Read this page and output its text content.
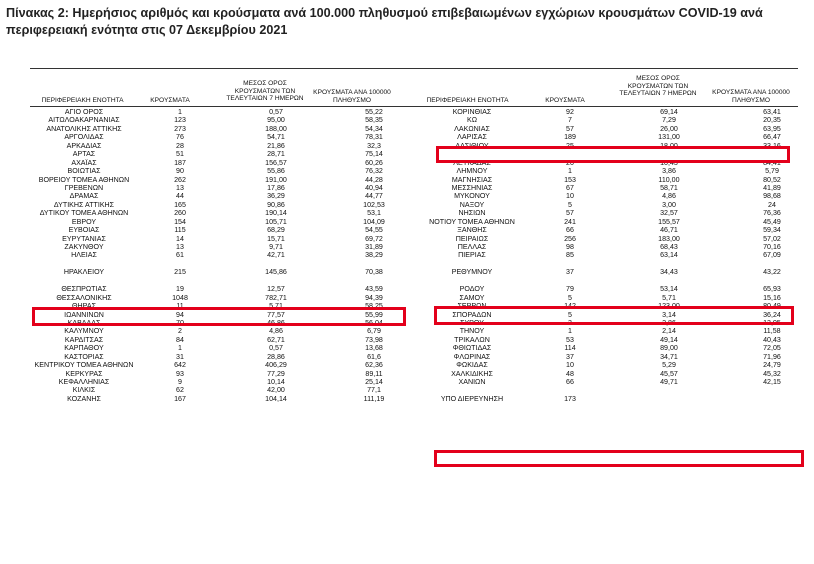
Πίνακας 2: Ημερήσιος αριθμός και κρούσματα ανά 100.000 πληθυσμού επιβεβαιωμένων εγχώριων κρουσμάτων COVID-19 ανά περιφερειακή ενότητα στις 07 Δεκεμβρίου 2021
ΠΕΡΙΦΕΡΕΙΑΚΗ ΕΝΟΤΗΤΑ	ΚΡΟΥΣΜΑΤΑ
ΜΕΣΟΣ ΟΡΟΣ ΚΡΟΥΣΜΑΤΩΝ ΤΩΝ ΤΕΛΕΥΤΑΙΩΝ 7 ΗΜΕΡΩΝ
ΚΡΟΥΣΜΑΤΑ ΑΝΑ 100000 ΠΛΗΘΥΣΜΟ	ΠΕΡΙΦΕΡΕΙΑΚΗ ΕΝΟΤΗΤΑ	ΚΡΟΥΣΜΑΤΑ
ΜΕΣΟΣ ΟΡΟΣ ΚΡΟΥΣΜΑΤΩΝ ΤΩΝ ΤΕΛΕΥΤΑΙΩΝ 7 ΗΜΕΡΩΝ	ΚΡΟΥΣΜΑΤΑ ΑΝΑ 100000 ΠΛΗΘΥΣΜΟ
ΑΓΙΟ ΟΡΟΣ	1	0,57	55,22
ΑΙΤΩΛΟΑΚΑΡΝΑΝΙΑΣ	123	95,00	58,35
ΑΝΑΤΟΛΙΚΗΣ ΑΤΤΙΚΗΣ	273	188,00	54,34
ΑΡΓΟΛΙΔΑΣ	76	54,71	78,31
ΑΡΚΑΔΙΑΣ	28	21,86	32,3
ΑΡΤΑΣ	51	28,71	75,14
ΑΧΑΪΑΣ	187	156,57	60,26
ΒΟΙΩΤΙΑΣ	90	55,86	76,32
ΒΟΡΕΙΟΥ ΤΟΜΕΑ ΑΘΗΝΩΝ	262	191,00	44,28
ΓΡΕΒΕΝΩΝ	13	17,86	40,94
ΔΡΑΜΑΣ	44	36,29	44,77
ΔΥΤΙΚΗΣ ΑΤΤΙΚΗΣ	165	90,86	102,53
ΔΥΤΙΚΟΥ ΤΟΜΕΑ ΑΘΗΝΩΝ	260	190,14	53,1
ΕΒΡΟΥ	154	105,71	104,09
ΕΥΒΟΙΑΣ	115	68,29	54,55
ΕΥΡΥΤΑΝΙΑΣ	14	15,71	69,72
ΖΑΚΥΝΘΟΥ	13	9,71	31,89
ΗΛΕΙΑΣ	61	42,71	38,29
ΗΡΑΚΛΕΙΟΥ	215	145,86	70,38
ΘΕΣΠΡΩΤΙΑΣ	19	12,57	43,59
ΘΕΣΣΑΛΟΝΙΚΗΣ	1048	782,71	94,39
ΘΗΡΑΣ	11	5,71	58,25
ΙΩΑΝΝΙΝΩΝ	94	77,57	55,99
ΚΑΒΑΛΑΣ	70	46,86	56,04
ΚΑΛΥΜΝΟΥ	2	4,86	6,79
ΚΑΡΔΙΤΣΑΣ	84	62,71	73,98
ΚΑΡΠΑΘΟΥ	1	0,57	13,68
ΚΑΣΤΟΡΙΑΣ	31	28,86	61,6
ΚΕΝΤΡΙΚΟΥ ΤΟΜΕΑ ΑΘΗΝΩΝ	642	406,29	62,36
ΚΕΡΚΥΡΑΣ	93	77,29	89,11
ΚΕΦΑΛΛΗΝΙΑΣ	9	10,14	25,14
ΚΙΛΚΙΣ	62	42,00	77,1
ΚΟΖΑΝΗΣ	167	104,14	111,19
ΚΟΡΙΝΘΙΑΣ	92	69,14	63,41
ΚΩ	7	7,29	20,35
ΛΑΚΩΝΙΑΣ	57	26,00	63,95
ΛΑΡΙΣΑΣ	189	131,00	66,47
ΛΑΣΙΘΙΟΥ	25	18,00	33,16
ΛΕΥΚΑΔΑΣ	20	10,43	84,41
ΛΗΜΝΟΥ	1	3,86	5,79
ΜΑΓΝΗΣΙΑΣ	153	110,00	80,52
ΜΕΣΣΗΝΙΑΣ	67	58,71	41,89
ΜΥΚΟΝΟΥ	10	4,86	98,68
ΝΑΞΟΥ	5	3,00	24
ΝΗΣΙΩΝ	57	32,57	76,36
ΝΟΤΙΟΥ ΤΟΜΕΑ ΑΘΗΝΩΝ	241	155,57	45,49
ΞΑΝΘΗΣ	66	46,71	59,34
ΠΕΙΡΑΙΩΣ	256	183,00	57,02
ΠΕΛΛΑΣ	98	68,43	70,16
ΠΙΕΡΙΑΣ	85	63,14	67,09
ΡΕΘΥΜΝΟΥ	37	34,43	43,22
ΡΟΔΟΥ	79	53,14	65,93
ΣΑΜΟΥ	5	5,71	15,16
ΣΕΡΡΩΝ	142	123,00	80,49
ΣΠΟΡΑΔΩΝ	5	3,14	36,24
ΣΥΡΟΥ	3	2,86	13,95
ΤΗΝΟΥ	1	2,14	11,58
ΤΡΙΚΑΛΩΝ	53	49,14	40,43
ΦΘΙΩΤΙΔΑΣ	114	89,00	72,05
ΦΛΩΡΙΝΑΣ	37	34,71	71,96
ΦΩΚΙΔΑΣ	10	5,29	24,79
ΧΑΛΚΙΔΙΚΗΣ	48	45,57	45,32
ΧΑΝΙΩΝ	66	49,71	42,15
ΥΠΟ ΔΙΕΡΕΥΝΗΣΗ	173
